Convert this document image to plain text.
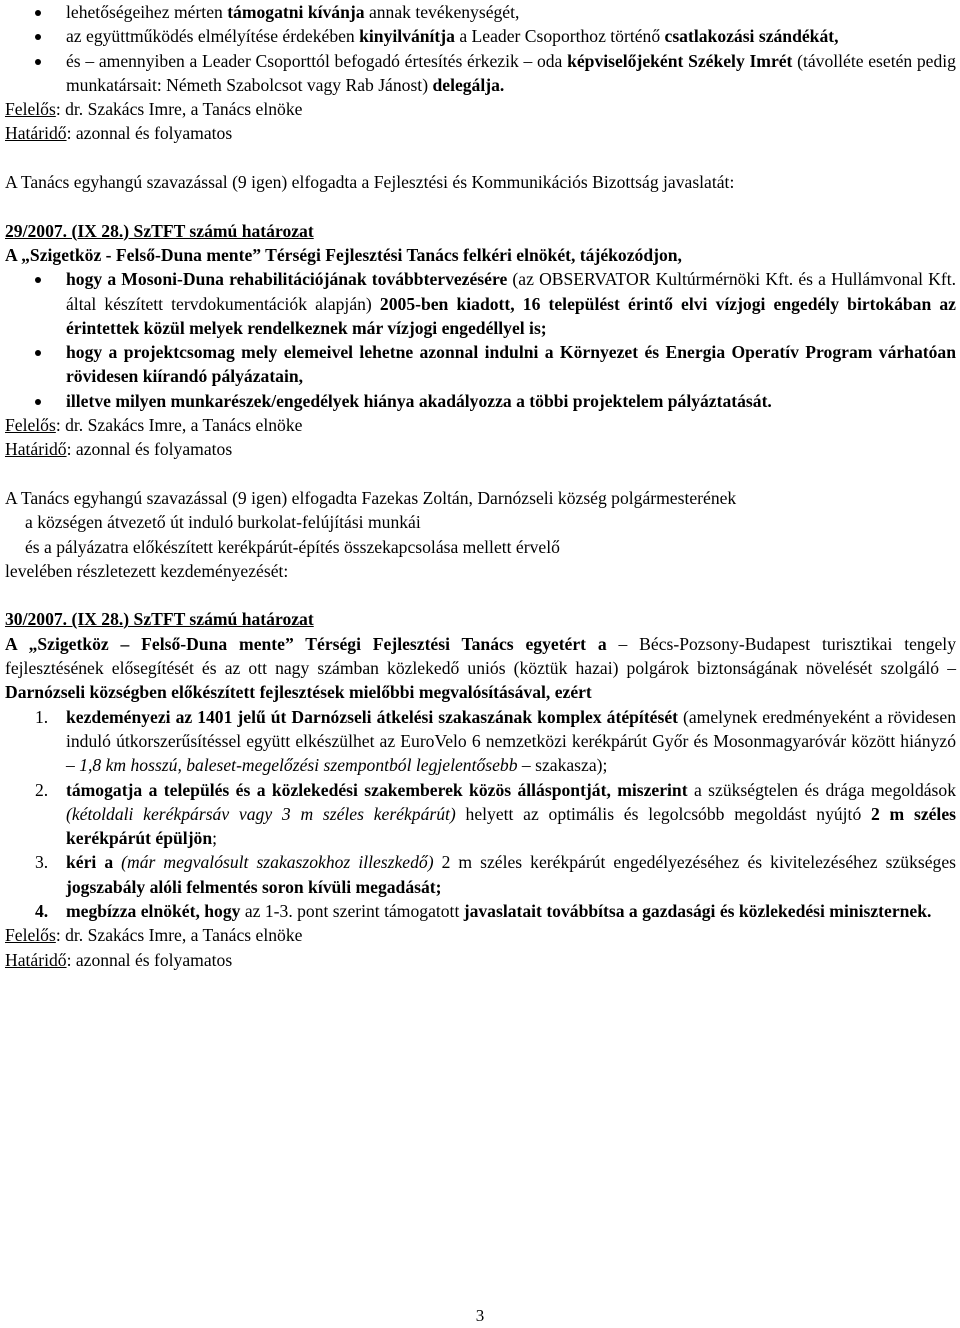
lehetőségeihez mérten támogatni kívánja annak tevékenységét,
az együttműködés elmélyítése érdekében kinyilvánítja a Leader Csoporthoz történő csatlakozási szándékát,
és – amennyiben a Leader Csoporttól befogadó értesítés érkezik – oda képviselőjeként Székely Imrét (távolléte esetén pedig munkatársait: Németh Szabolcsot vagy Rab Jánost) delegálja.

Felelős: dr. Szakács Imre, a Tanács elnöke

Határidő: azonnal és folyamatos

A Tanács egyhangú szavazással (9 igen) elfogadta a Fejlesztési és Kommunikációs Bizottság javaslatát:

29/2007. (IX 28.) SzTFT számú határozat

A „Szigetköz - Felső-Duna mente” Térségi Fejlesztési Tanács felkéri elnökét, tájékozódjon,

hogy a Mosoni-Duna rehabilitációjának továbbtervezésére (az OBSERVATOR Kultúrmérnöki Kft. és a Hullámvonal Kft. által készített tervdokumentációk alapján) 2005-ben kiadott, 16 települést érintő elvi vízjogi engedély birtokában az érintettek közül melyek rendelkeznek már vízjogi engedéllyel is;
hogy a projektcsomag mely elemeivel lehetne azonnal indulni a Környezet és Energia Operatív Program várhatóan rövidesen kiírandó pályázatain,
illetve milyen munkarészek/engedélyek hiánya akadályozza a többi projektelem pályáztatását.

Felelős: dr. Szakács Imre, a Tanács elnöke

Határidő: azonnal és folyamatos

A Tanács egyhangú szavazással (9 igen) elfogadta Fazekas Zoltán, Darnózseli község polgármesterének

a községen átvezető út induló burkolat-felújítási munkái

és a pályázatra előkészített kerékpárút-építés összekapcsolása mellett érvelő

levelében részletezett kezdeményezését:

30/2007. (IX 28.) SzTFT számú határozat

A „Szigetköz – Felső-Duna mente” Térségi Fejlesztési Tanács egyetért a – Bécs-Pozsony-Budapest turisztikai tengely fejlesztésének elősegítését és az ott nagy számban közlekedő uniós (köztük hazai) polgárok biztonságának növelését szolgáló – Darnózseli községben előkészített fejlesztések mielőbbi megvalósításával, ezért

1. kezdeményezi az 1401 jelű út Darnózseli átkelési szakaszának komplex átépítését (amelynek eredményeként a rövidesen induló útkorszerűsítéssel együtt elkészülhet az EuroVelo 6 nemzetközi kerékpárút Győr és Mosonmagyaróvár között hiányzó – 1,8 km hosszú, baleset-megelőzési szempontból legjelentősebb – szakasza);
2. támogatja a település és a közlekedési szakemberek közös álláspontját, miszerint a szükségtelen és drága megoldások (kétoldali kerékpársáv vagy 3 m széles kerékpárút) helyett az optimális és legolcsóbb megoldást nyújtó 2 m széles kerékpárút épüljön;
3. kéri a (már megvalósult szakaszokhoz illeszkedő) 2 m széles kerékpárút engedélyezéséhez és kivitelezéséhez szükséges jogszabály alóli felmentés soron kívüli megadását;
4. megbízza elnökét, hogy az 1-3. pont szerint támogatott javaslatait továbbítsa a gazdasági és közlekedési miniszternek.

Felelős: dr. Szakács Imre, a Tanács elnöke

Határidő: azonnal és folyamatos

3
